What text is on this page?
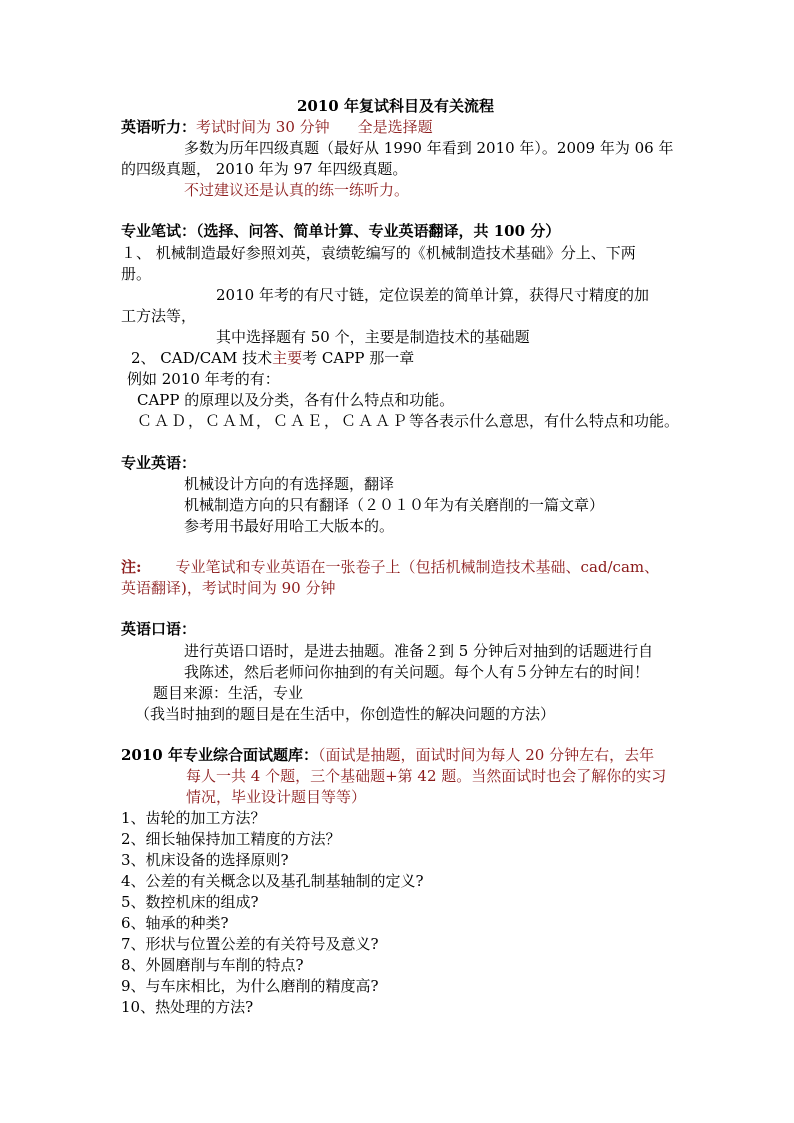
2010 年复试科目及有关流程
英语听力：考试时间为 30 分钟 全是选择题
多数为历年四级真题（最好从 1990 年看到 2010 年）。2009 年为 06 年
的四级真题， 2010 年为 97 年四级真题。
不过建议还是认真的练一练听力。
专业笔试：（选择、问答、简单计算、专业英语翻译，共 100 分）
１、 机械制造最好参照刘英，袁绩乾编写的《机械制造技术基础》分上、下两
册。
2010 年考的有尺寸链，定位误差的简单计算，获得尺寸精度的加
工方法等，
其中选择题有 50 个，主要是制造技术的基础题
2、 CAD/CAM 技术主要考 CAPP 那一章
例如 2010 年考的有：
CAPP 的原理以及分类，各有什么特点和功能。
ＣＡＤ，ＣＡＭ，ＣＡＥ，ＣＡＡＰ等各表示什么意思，有什么特点和功能。
专业英语：
机械设计方向的有选择题，翻译
机械制造方向的只有翻译（２０１０年为有关磨削的一篇文章）
参考用书最好用哈工大版本的。
注: 专业笔试和专业英语在一张卷子上（包括机械制造技术基础、cad/cam、
英语翻译)，考试时间为 90 分钟
英语口语：
进行英语口语时，是进去抽题。准备２到 5 分钟后对抽到的话题进行自
我陈述，然后老师问你抽到的有关问题。每个人有５分钟左右的时间！
题目来源：生活，专业
（我当时抽到的题目是在生活中，你创造性的解决问题的方法）
2010 年专业综合面试题库：（面试是抽题，面试时间为每人 20 分钟左右，去年
每人一共 4 个题，三个基础题+第 42 题。当然面试时也会了解你的实习
情况，毕业设计题目等等）
1、齿轮的加工方法？
2、细长轴保持加工精度的方法？
3、机床设备的选择原则?
4、公差的有关概念以及基孔制基轴制的定义?
5、数控机床的组成?
6、轴承的种类?
7、形状与位置公差的有关符号及意义?
8、外圆磨削与车削的特点?
9、与车床相比，为什么磨削的精度高?
10、热处理的方法?
